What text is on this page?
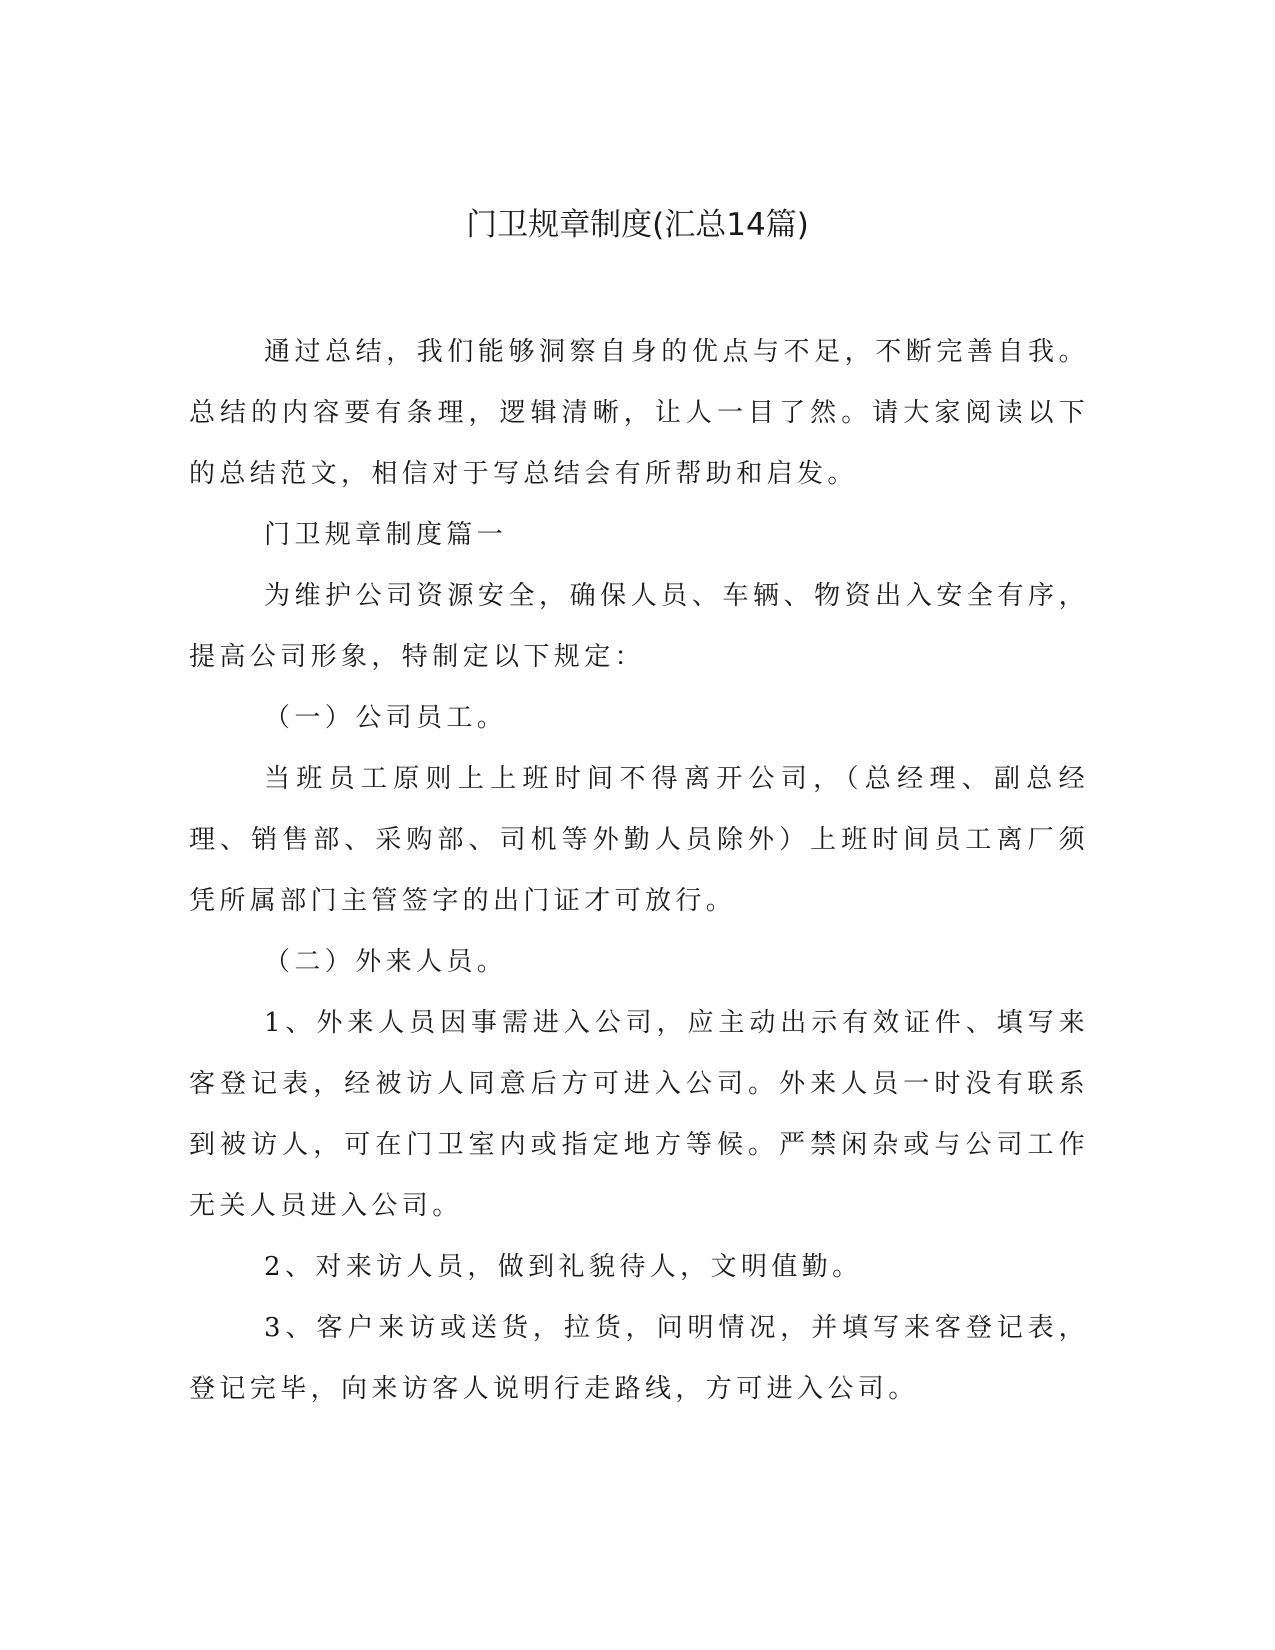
门卫规章制度(汇总14篇)

通过总结，我们能够洞察自身的优点与不足，不断完善自我。总结的内容要有条理，逻辑清晰，让人一目了然。请大家阅读以下的总结范文，相信对于写总结会有所帮助和启发。

门卫规章制度篇一

为维护公司资源安全，确保人员、车辆、物资出入安全有序，提高公司形象，特制定以下规定：

（一）公司员工。

当班员工原则上上班时间不得离开公司，（总经理、副总经理、销售部、采购部、司机等外勤人员除外）上班时间员工离厂须凭所属部门主管签字的出门证才可放行。

（二）外来人员。

1、外来人员因事需进入公司，应主动出示有效证件、填写来客登记表，经被访人同意后方可进入公司。外来人员一时没有联系到被访人，可在门卫室内或指定地方等候。严禁闲杂或与公司工作无关人员进入公司。

2、对来访人员，做到礼貌待人，文明值勤。

3、客户来访或送货，拉货，问明情况，并填写来客登记表，登记完毕，向来访客人说明行走路线，方可进入公司。
